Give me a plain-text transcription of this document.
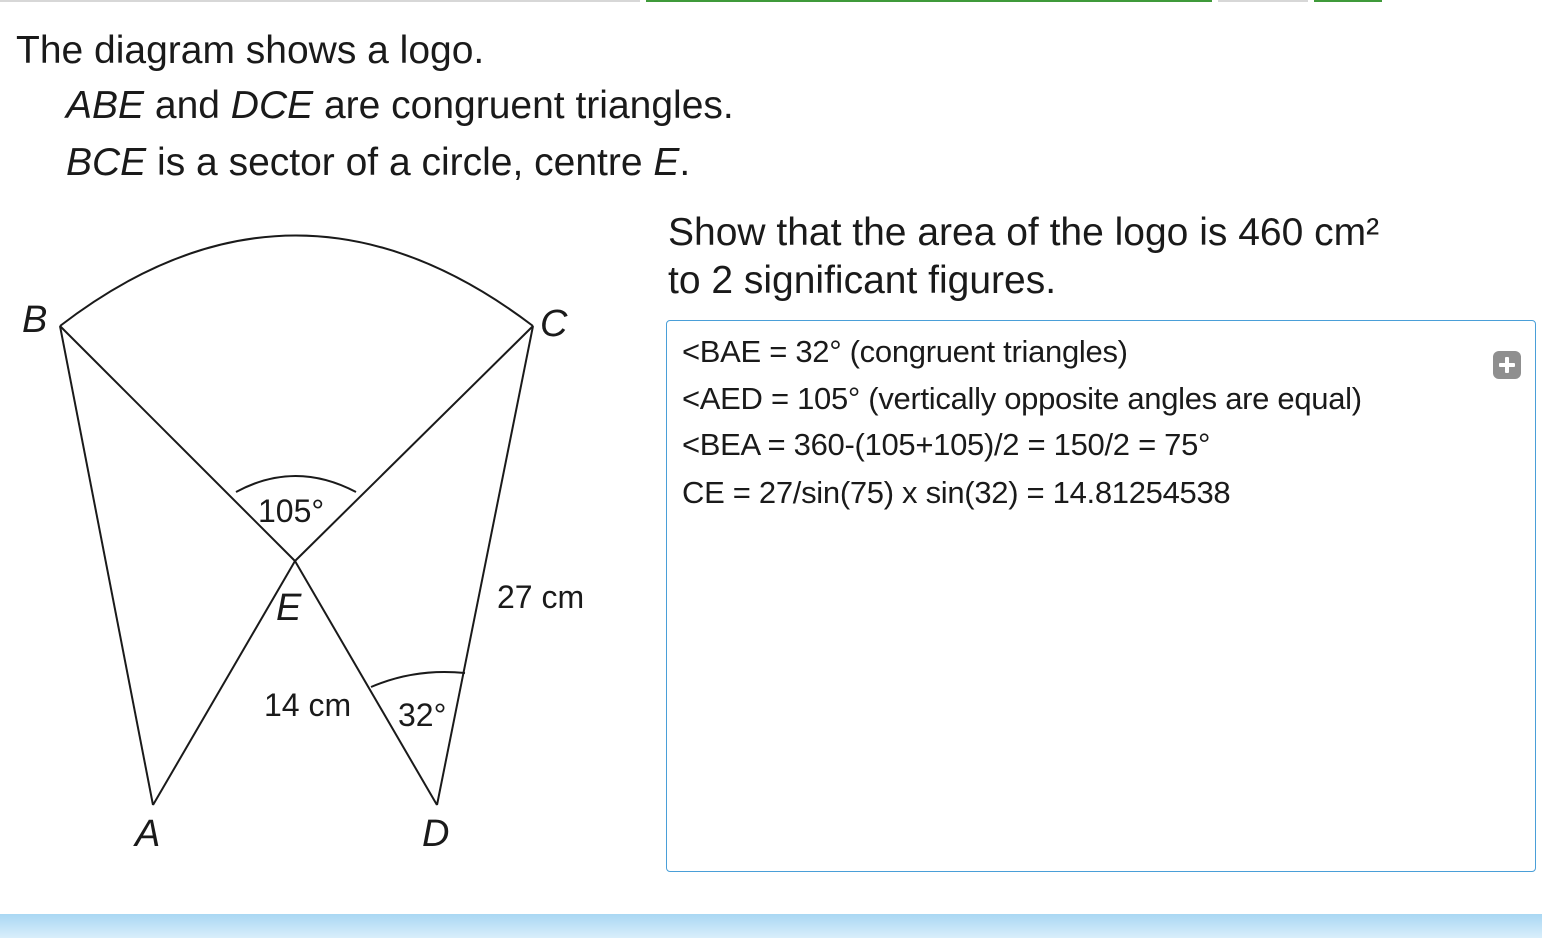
The diagram shows a logo.
ABE and DCE are congruent triangles.
BCE is a sector of a circle, centre E.
Show that the area of the logo is 460 cm²
to 2 significant figures.
B	C
E
A	D
105°
32°
27 cm
14 cm
<BAE = 32° (congruent triangles)
<AED = 105° (vertically opposite angles are equal)
<BEA = 360-(105+105)/2 = 150/2 = 75°
CE = 27/sin(75) x sin(32) = 14.81254538
